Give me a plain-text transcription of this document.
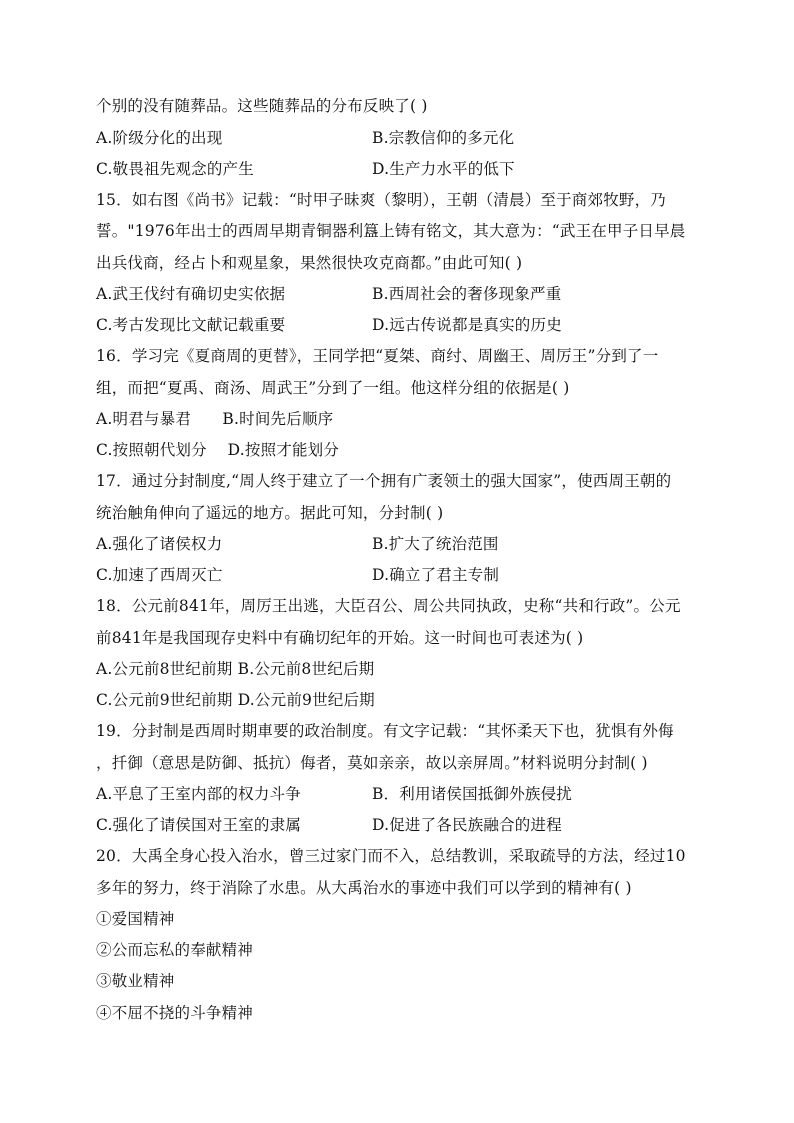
个别的没有随葬品。这些随葬品的分布反映了( )
A.阶级分化的出现	B.宗教信仰的多元化
C.敬畏祖先观念的产生	D.生产力水平的低下
15．如右图《尚书》记载：“时甲子昧爽（黎明），王朝（清晨）至于商郊牧野，乃
誓。"1976年出士的西周早期青铜器利簋上铸有铭文，其大意为：“武王在甲子日早晨
出兵伐商，经占卜和观星象，果然很快攻克商都。”由此可知( )
A.武王伐纣有确切史实依据	B.西周社会的奢侈现象严重
C.考古发现比文献记载重要	D.远古传说都是真实的历史
16．学习完《夏商周的更替》，王同学把“夏桀、商纣、周幽王、周厉王”分到了一
组，而把“夏禹、商汤、周武王”分到了一组。他这样分组的依据是( )
A.明君与暴君　　B.时间先后顺序
C.按照朝代划分　 D.按照才能划分
17．通过分封制度,“周人终于建立了一个拥有广袤领土的强大国家”，使西周王朝的
统治触角伸向了遥远的地方。据此可知，分封制( )
A.强化了诸侯权力	B.扩大了统治范围
C.加速了西周灭亡	D.确立了君主专制
18．公元前841年，周厉王出逃，大臣召公、周公共同执政，史称“共和行政”。公元
前841年是我国现存史料中有确切纪年的开始。这一时间也可表述为( )
A.公元前8世纪前期 B.公元前8世纪后期
C.公元前9世纪前期 D.公元前9世纪后期
19．分封制是西周时期車要的政治制度。有文字记载：“其怀柔天下也，犹惧有外侮
，扦御（意思是防御、抵抗）侮者，莫如亲亲，故以亲屏周。”材料说明分封制( )
A.平息了王室内部的权力斗争	B．利用诸侯国抵御外族侵扰
C.强化了请侯国对王室的隶属	D.促进了各民族融合的进程
20．大禹全身心投入治水，曾三过家门而不入，总结教训，采取疏导的方法，经过10
多年的努力，终于消除了水患。从大禹治水的事迹中我们可以学到的精神有( )
①爱国精神
②公而忘私的奉献精神
③敬业精神
④不屈不挠的斗争精神
